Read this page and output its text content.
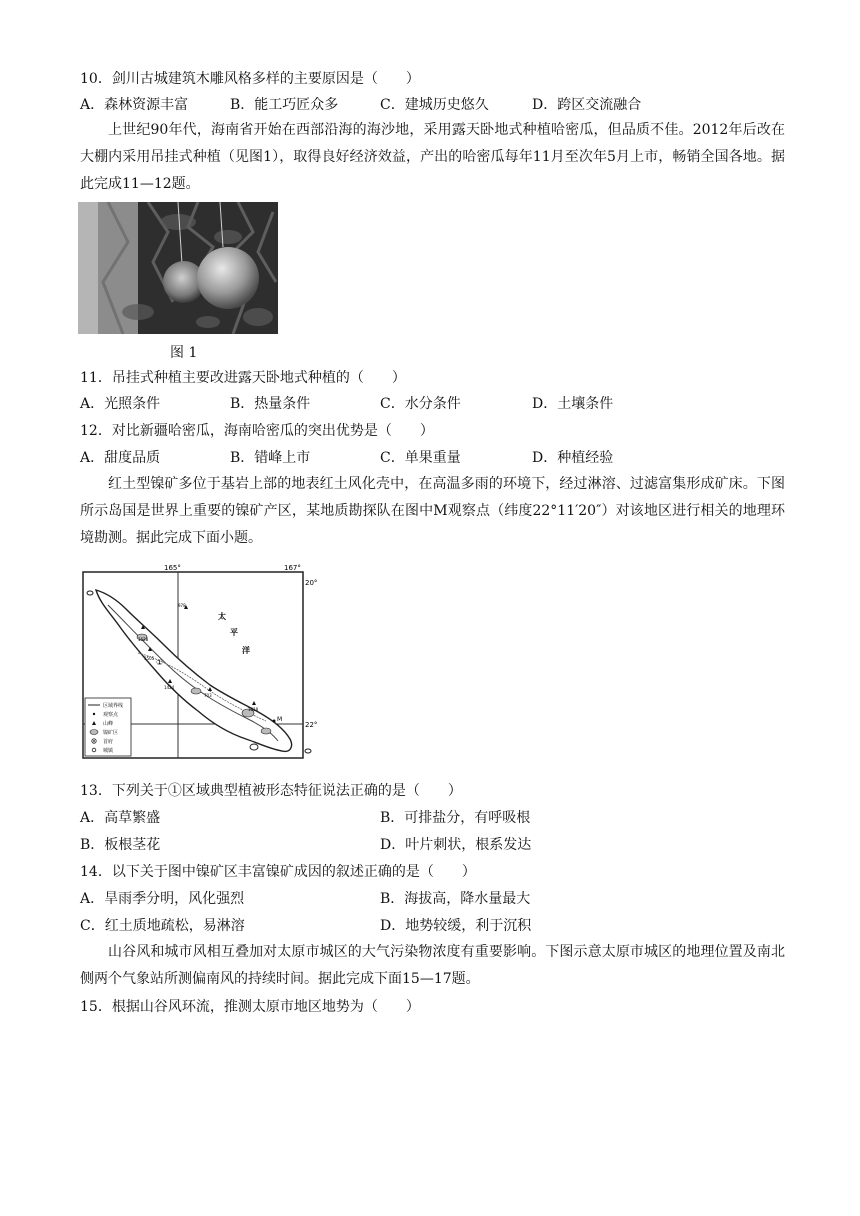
10．剑川古城建筑木雕风格多样的主要原因是（　　）
A．森林资源丰富	B．能工巧匠众多	C．建城历史悠久	D．跨区交流融合
上世纪90年代，海南省开始在西部沿海的海沙地，采用露天卧地式种植哈密瓜，但品质不佳。2012年后改在大棚内采用吊挂式种植（见图1），取得良好经济效益，产出的哈密瓜每年11月至次年5月上市，畅销全国各地。据此完成11—12题。
图 1
11．吊挂式种植主要改进露天卧地式种植的（　　）
A．光照条件	B．热量条件	C．水分条件	D．土壤条件
12．对比新疆哈密瓜，海南哈密瓜的突出优势是（　　）
A．甜度品质	B．错峰上市	C．单果重量	D．种植经验
红土型镍矿多位于基岩上部的地表红土风化壳中，在高温多雨的环境下，经过淋溶、过滤富集形成矿床。下图所示岛国是世界上重要的镍矿产区，某地质勘探队在图中M观察点（纬度22°11′20″）对该地区进行相关的地理环境勘测。据此完成下面小题。
165°	167°
20°
22°
太
平
洋
①
1628
1505
1424
703
1618
978
M
区域界线
观察点
山峰
镍矿区
首府
城镇
13．下列关于①区域典型植被形态特征说法正确的是（　　）
A．高草繁盛	B．可排盐分，有呼吸根
B．板根茎花	D．叶片刺状，根系发达
14．以下关于图中镍矿区丰富镍矿成因的叙述正确的是（　　）
A．旱雨季分明，风化强烈	B．海拔高，降水量最大
C．红土质地疏松，易淋溶	D．地势较缓，利于沉积
山谷风和城市风相互叠加对太原市城区的大气污染物浓度有重要影响。下图示意太原市城区的地理位置及南北侧两个气象站所测偏南风的持续时间。据此完成下面15—17题。
15．根据山谷风环流，推测太原市地区地势为（　　）
